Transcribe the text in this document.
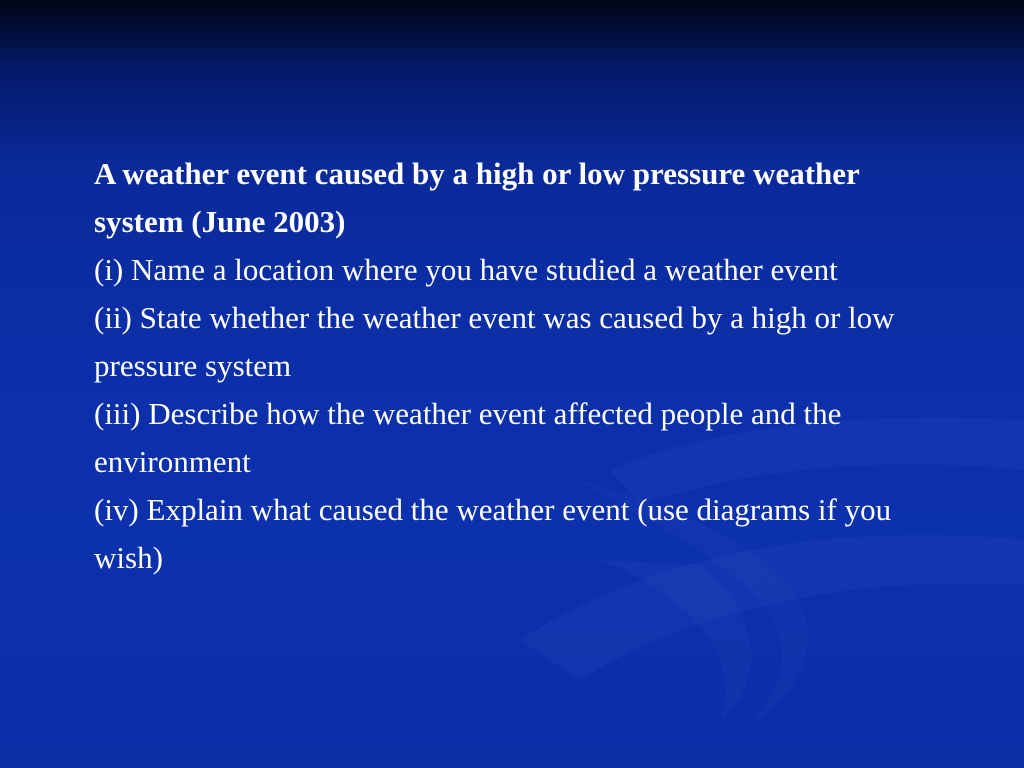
A weather event caused by a high or low pressure weather system (June 2003)

(i) Name a location where you have studied a weather event

(ii) State whether the weather event was caused by a high or low pressure system

(iii) Describe how the weather event affected people and the environment

(iv) Explain what caused the weather event (use diagrams if you wish)
